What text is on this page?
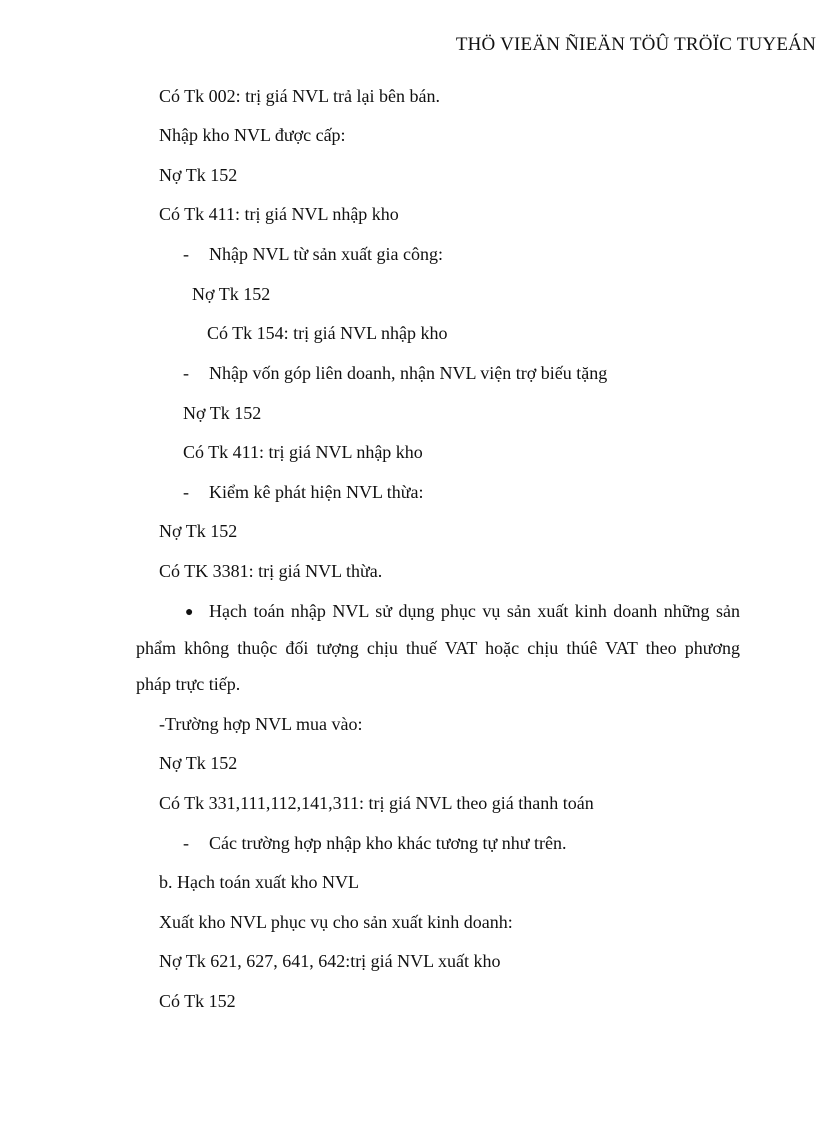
THÖ VIEÄN ÑIEÄN TÖÛ TRÖÏC TUYEÁN
Có Tk 002: trị giá NVL trả lại bên bán.
Nhập kho NVL được cấp:
Nợ Tk 152
Có Tk 411: trị giá NVL nhập kho
- Nhập NVL từ sản xuất gia công:
Nợ Tk 152
Có Tk 154: trị giá NVL nhập kho
- Nhập vốn góp liên doanh, nhận NVL viện trợ biếu tặng
Nợ Tk 152
Có Tk 411: trị giá NVL nhập kho
- Kiểm kê phát hiện NVL thừa:
Nợ Tk 152
Có TK 3381: trị giá NVL thừa.
● Hạch toán nhập NVL sử dụng phục vụ sản xuất kinh doanh những sản
phẩm không thuộc đối tượng chịu thuế VAT hoặc chịu thúê VAT theo phương
pháp trực tiếp.
-Trường hợp NVL mua vào:
Nợ Tk 152
Có Tk 331,111,112,141,311: trị giá NVL theo giá thanh toán
- Các trường hợp nhập kho khác tương tự như trên.
b. Hạch toán xuất kho NVL
Xuất kho NVL phục vụ cho sản xuất kinh doanh:
Nợ Tk 621, 627, 641, 642:trị giá NVL xuất kho
Có Tk 152
